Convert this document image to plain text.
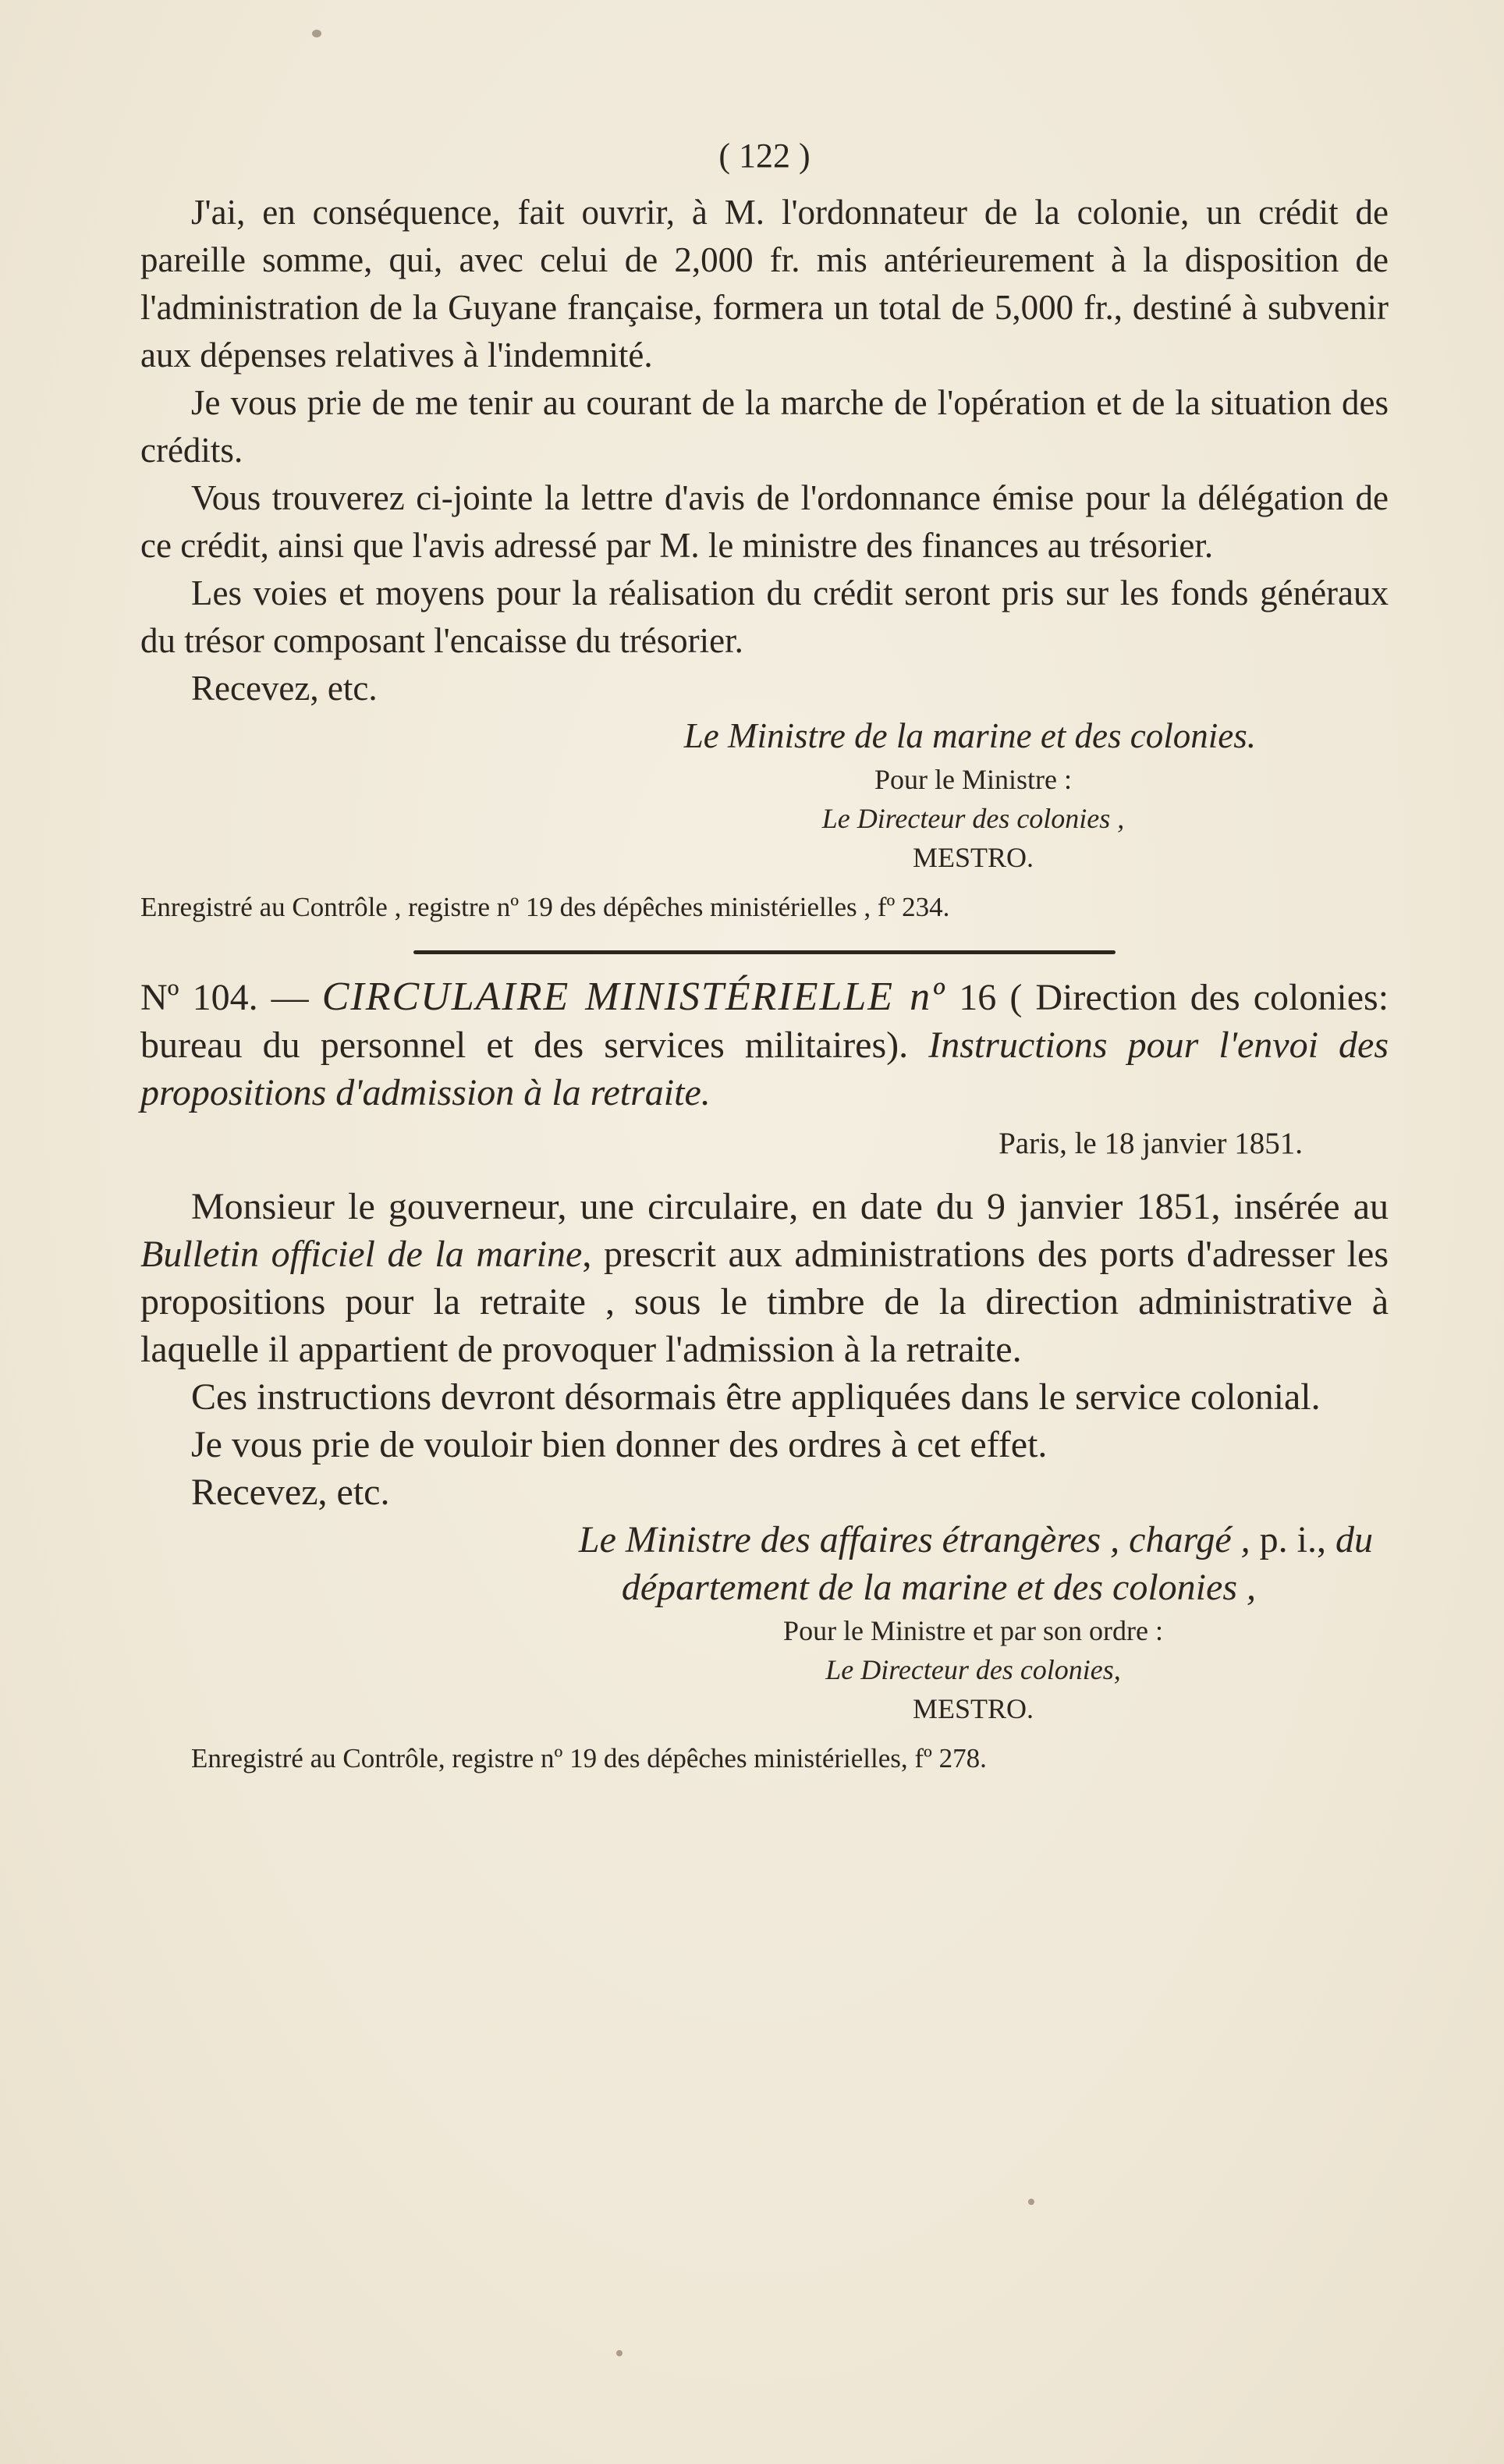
( 122 )

J'ai, en conséquence, fait ouvrir, à M. l'ordonnateur de la colonie, un crédit de pareille somme, qui, avec celui de 2,000 fr. mis antérieurement à la disposition de l'administration de la Guyane française, formera un total de 5,000 fr., destiné à subvenir aux dépenses relatives à l'indemnité.

Je vous prie de me tenir au courant de la marche de l'opération et de la situation des crédits.

Vous trouverez ci-jointe la lettre d'avis de l'ordonnance émise pour la délégation de ce crédit, ainsi que l'avis adressé par M. le ministre des finances au trésorier.

Les voies et moyens pour la réalisation du crédit seront pris sur les fonds généraux du trésor composant l'encaisse du trésorier.

Recevez, etc.

Le Ministre de la marine et des colonies.

Pour le Ministre :

Le Directeur des colonies ,

MESTRO.

Enregistré au Contrôle , registre nº 19 des dépêches ministérielles , fº 234.

Nº 104. — CIRCULAIRE MINISTÉRIELLE nº 16 ( Direction des colonies: bureau du personnel et des services militaires). Instructions pour l'envoi des propositions d'admission à la retraite.

Paris, le 18 janvier 1851.

Monsieur le gouverneur, une circulaire, en date du 9 janvier 1851, insérée au Bulletin officiel de la marine, prescrit aux administrations des ports d'adresser les propositions pour la retraite , sous le timbre de la direction administrative à laquelle il appartient de provoquer l'admission à la retraite.

Ces instructions devront désormais être appliquées dans le service colonial.

Je vous prie de vouloir bien donner des ordres à cet effet.

Recevez, etc.

Le Ministre des affaires étrangères , chargé , p. i., du

département de la marine et des colonies ,

Pour le Ministre et par son ordre :

Le Directeur des colonies,

MESTRO.

Enregistré au Contrôle, registre nº 19 des dépêches ministérielles, fº 278.
